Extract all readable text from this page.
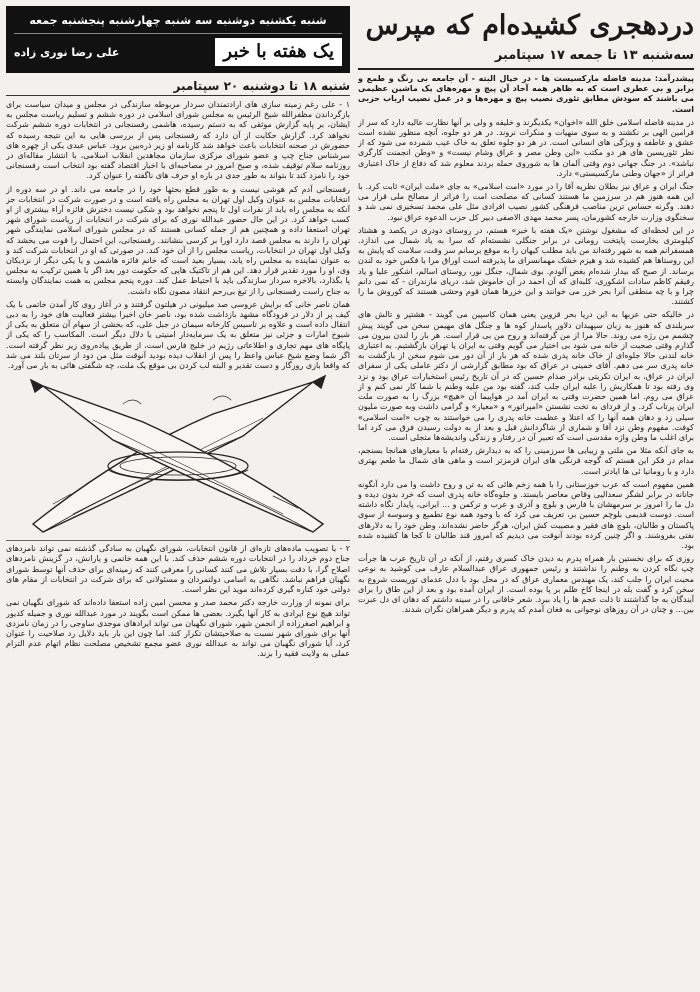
دردهجری کشیده‌ام که مپرس
سه‌شنبه ۱۳ تا جمعه ۱۷ سپتامبر

پیشدرآمد: مدینه فاضله مارکسیست ها - در خیال البته - آن جامعه بی رنگ و طمع و برابر و بی عطری است که به ظاهر همه آحاد آن پیچ و مهره‌های یک ماشین عظیمی می باشند که سودش مطابق تئوری نصیب پیچ و مهره‌ها و در عمل نصیب ارباب حزبی است.

در مدینه فاضله اسلامی خلق الله «اخوان» یکدیگرند و خلیفه و ولی بر آنها نظارت عالیه دارد که سر از فرامین الهی بر نکشند و به سوی منهیات و منکرات نروند. در هر دو جلوه، آنچه منظور نشده است عشق و عاطفه و ویژگی های انسانی است. در هر دو جلوه تعلق به خاک عیب شمرده می شود که از نظر تئوریسین های هر دو مکتب «این وطن مصر و عراق وشام نیست» و «وطن انجمنت کارگری نباشد». در جنگ جهانی دوم وقتی آلمان ها به شوروی حمله بردند معلوم شد که دفاع از خاک اعتباری فراتر از «جهان وطنی مارکسیستی» دارد.

جنگ ایران و عراق نیز بطلان نظریه آقا را در مورد «امت اسلامی» به جای «ملت ایران» ثابت کرد. با این همه هنوز هم در سرزمین ما هستند کسانی که مصلحت امت را فراتر از مصالح ملی قرار می دهند. وگرنه حساس ترین مناصب فرهنگی کشور نصیب افرادی مثل علی محمد تسخیری نمی شد و سخنگوی وزارت خارجه کشورمان، پسر محمد مهدی الاصفی دبیر کل حزب الدعوه عراق نبود.

در این لحظه‌ای که مشغول نوشتن «یک هفته با خبر» هستم، در روستای دودری در یکصد و هشتاد کیلومتری بخارست پایتخت رومانی در برابر جنگلی نشسته‌ام که سرا به یاد شمال می اندازد. همسفرانم همه به شهر رفته‌اند من باید مطلب کیهان را به موقع برسانم سر وقت، سلامت که پایش به این روستاها هم کشیده شد و هیزم خشک مهمانسرای ما پذیرفته است اوراق مرا با فکس خود به لندن برساند. از صبح که بیدار شده‌ام بغض آلودم. بوی شمال، جنگل نور، روستای اسالم، اشکور علیا و یاد رفیقم کاظم سادات اشکوری، کلبه‌ای که آن احمد در آن خاموش شد، دریای مازندران - که نمی دانم چرا و با چه منطقی آنرا بحر خزر می خوانند و این خزرها همان قوم وحشی هستند که کوروش ما را کشتند.

در خالیکه حتی عربها به این دریا بحر قزوین یعنی همان کاسپین می گویند - هشتپر و تالش های سربلندی که هنوز به زبان سپهبدان دلاور پاسدار کوه ها و جنگل های مهیمن سخن می گویند پیش چشمم من رژه می روند. حالا مرا از من گرفته‌اند و روح من بی قرار است. هر بار را لندن بیرون می گذارم وقتی صحبت از خانه می شود بی اختیار می گویم وقتی به ایران یا تهران بازگشتیم. به اعتباری خانه لندنی حالا جلوه‌ای از خاک خانه پدری شده که هر بار از آن دور می شوم سخن از بازگشت به خانه پدری سر می دهم. آقای خمینی در عراق که بود مطابق گزارشی از دکتر عاملی یکی از سفرای ایران در عراق، به ایران تکریتی برادر صدام حسین که در آن تاریخ رئیس استخبارات عراق بود و نزد وی رفته بود تا همکاریش را علیه ایران جلب کند، گفته بود من علیه وطنم با شما کار نمی کنم و از عراق می روم. اما همین حضرت وقتی به ایران آمد در هواپیما آن «هیچ» بزرگ را به صورت ملت ایران پرتاب کرد. و از فردای به تخت نشستن «امپراتور» و «معیار» و گرامی داشت وبه صورت ملیون سیلی زد و دهان همه آنها را که اعتلا و عظمت خانه پدری را می خواستند به چوب «امت اسلامی» کوفت. مفهوم وطن نزد آقا و شماری از شاگردانش قبل و بعد از به دولت رسیدن فرق می کرد اما برای اغلب ما وطن واژه مقدسی است که تعبیر آن در رفتار و زندگی واندیشه‌ها متجلی است.

به جای آنکه مثلا من ملتی و زیبایی ها سرزمینی را که به دیدارش رفته‌ام با معیارهای همانجا بسنجم، مدام در فکر این هستم که گوجه فرنگی های ایران قرمزتر است و ماهی های شمال ما طعم بهتری دارد و با رومانیا ئی ها ایادتر است.

همین مفهوم است که عرب خوزستانی را با همه زخم هائی که به تن و روح داشت وا می دارد آنگونه جانانه در برابر لشگر سعدالیی وقاص معاصر بایستد. و جلوه‌گاه خانه پدری است که خرد بدون دیده و دل ما را امروز بر سرمهشان با فارس و بلوچ و آذری و عرب و ترکمن و ... ایرانی، پایدار نگاه داشته است. دوست قدیمی بلوچم حسین بر، تعریف می کرد که با وجود همه نوع تطمیع و وسوسه از سوی پاکستان و طالبان، بلوچ های فقیر و مصیبت کش ایران، هرگز حاضر نشده‌اند، وطن خود را به دلارهای نفتی بفروشند. و اگر چنین کرده بودند آنوقت می دیدیم که امروز قند طالبان تا کجا ها کشیده شده بود.

روزی که برای نخستین بار همراه پدرم به دیدن خاک کسری رفتم، از آنکه در آن تاریخ عرب ها جرأت چپ نگاه کردن به وطنم را نداشتند و رئیس جمهوری عراق عبدالسلام عارف می کوشید به نوعی محبت ایران را جلب کند، یک مهندس معماری عراق که در محل بود با ددل عدمای توریست شروع به سخن کرد و گفت بله در اینجا کاخ ظلم بر پا بوده است. از ایران آمده بود و بعد از این طاق را برای آیندگان به جا گذاشتند تا ذلت عجم ها را یاد ببرد. شعر خاقانی را در سینه داشتم که دهان ای دل عبرت بین... و چنان در آن روزهای نوجوانی به فغان آمدم که پدرم و دیگر همراهان نگران شدند.

شنبه یکشنبه دوشنبه سه شنبه چهارشنبه پنجشنبه جمعه
یک هفته با خبر
علی رضا نوری زاده
شنبه ۱۸ تا دوشنبه ۲۰ سپتامبر

۱ - علی رغم زمینه سازی های ارادتمندان سردار مربوطه سازندگی در مجلس و میدان سیاست برای بازگرداندن مظفرالله شیخ الرئیس به مجلس شورای اسلامی در دوره ششم و تسلیم ریاست مجلس به ایشان، بر پایه گزارش موثقی که به دستم رسیده، هاشمی رفسنجانی در انتخابات دوره ششم شرکت نخواهد کرد. گزارش حکایت از آن دارد که رفسنجانی پس از بررسی هایی به این نتیجه رسیده که حضورش در صحنه انتخابات باعث خواهد شد کارنامه او زیر ذره‌بین برود. عباس عبدی یکی از چهره های سرشناس جناح چپ و عضو شورای مرکزی سازمان مجاهدین انقلاب اسلامی، با انتشار مقاله‌ای در روزنامه سلام توقیف شده، و صبح امروز در مصاحبه‌ای با اخبار اقتصاد گفته بود انتخاب است رفسنجانی خود را نامزد کند تا بتواند به طور جدی در باره او حرف های ناگفته را عنوان کرد.

رفسنجانی آدم کم هوشی نیست و به طور قطع بحثها خود را در جامعه می داند. او در سه دوره از انتخابات مجلس به عنوان وکیل اول تهران به مجلس راه یافته است و در صورت شرکت در انتخابات جز آنکه به مجلس راه یابد از نفرات اول تا پنجم نخواهد بود و شکی نیست دخترش فائزه آراء بیشتری از او کسب خواهد کرد. در این حال حضور عبدالله نوری که برای شرکت در انتخابات از ریاست شورای شهر تهران استعفا داده و همچنین هم از جمله کسانی هستند که در مجلس شورای اسلامی نمایندگی شهر تهران را دارند به مجلس قصد دارد اورا بر کرسی بنشانند. رفسنجانی، این احتمال را قوت می بخشد که وکیل اول تهران در انتخابات، ریاست مجلس را از آن خود کند. در صورتی که او در انتخابات شرکت کند و به عنوان نماینده به مجلس راه یابد، بسیار بعید است که خانم فائزه هاشمی و یا یکی دیگر از نزدیکان وی، او را مورد تقدیر قرار دهد. این هم از تاکتیک هایی که حکومت دور بعد اگر با همین ترکیب به مجلس پا بگذارد، بالاخره سردار سازندگی باید با احتیاط عمل کند. دوره پنجم مجلس به همت نمایندگان وابسته به جناح راست رفسنجانی را از تیغ بی‌رحم انتقاد مصون نگاه داشت.

همان ناصر خانی که برایش عروسی صد میلیونی در هیلتون گرفتند و در آغاز روی کار آمدن خاتمی با یک کیف پر از دلار در فرودگاه مشهد بازداشت شده بود، ناصر خان اخیرا بیشتر فعالیت های خود را به دبی انتقال داده است و علاوه بر تاسیس کارخانه سیمان در جبل علی، که بخشی از سهام آن متعلق به یکی از شیوخ امارات و جزئی نیز متعلق به یک سرمایه‌دار امنیتی یا دلال دیگر است. المکاسب را که یکی از پایگاه های مهم تجاری و اطلاعاتی رژیم در خلیج فارس است، از طریق پیاده‌روی زیر نظر گرفته است. اگر شما وضع شیخ عباس واعظ را پس از انقلاب دیده بودید آنوقت مثل من دود از سرتان بلند می شد که واقعا بازی روزگار و دست تقدیر و البته لب کردن بی موقع یک ملت، چه شگفتی هائی به بار می آورد.

۲ - با تصویب ماده‌های تازه‌ای از قانون انتخابات، شورای نگهبان به سادگی گذشته نمی تواند نامزدهای جناح دوم خرداد را در انتخابات دوره ششم حذف کند. با این همه خاتمی و یارانش، در گزینش نامزدهای اصلاح گرا، با دقت بسیار تلاش می کنند کسانی را معرفی کنند که زمینه‌ای برای حذف آنها توسط شورای نگهبان فراهم نباشد. نگاهی به اسامی دولتمردان و مسئولانی که برای شرکت در انتخابات از مقام های دولتی خود کناره گیری کرده‌اند موید این نظر است.

برای نمونه از وزارت خارجه دکتر محمد صدر و محسن امین زاده استعفا داده‌اند که شورای نگهبان نمی تواند هیچ نوع ایرادی به کار آنها بگیرد. بعضی ها ممکن است بگویند در مورد عبدالله نوری و جمیله کدیور و ابراهیم اصغرزاده از انجمن شهر، شورای نگهبان می تواند ایرادهای موجدی ساوجی را در زمان نامزدی آنها برای شورای شهر نسبت به صلاحیتشان تکرار کند. اما چون این بار باید دلایل رد صلاحیت را عنوان کرد، آیا شورای نگهبان می تواند به عبدالله نوری عضو مجمع تشخیص مصلحت نظام اتهام عدم التزام عملی به ولایت فقیه را بزند.
